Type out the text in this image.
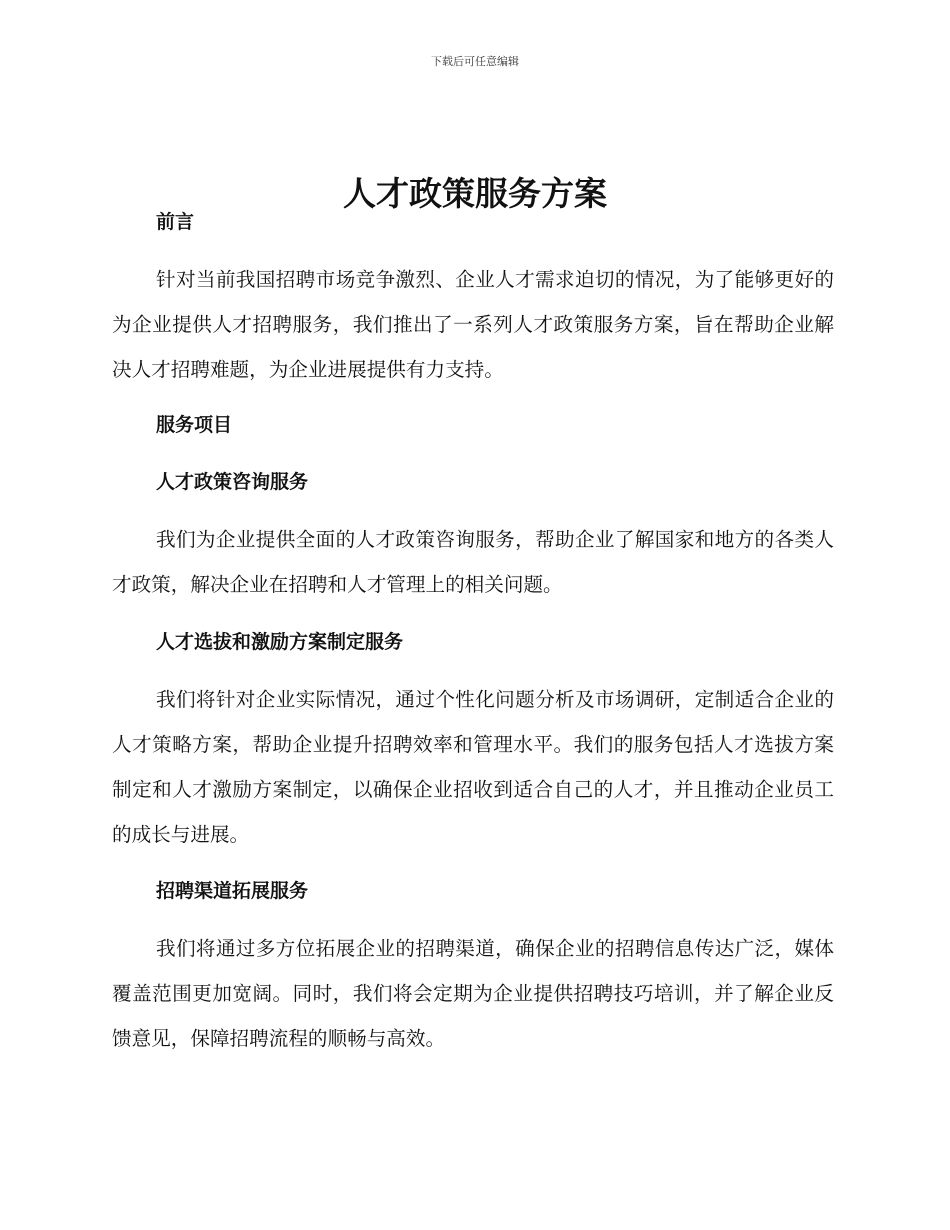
下载后可任意编辑
人才政策服务方案

前言

针对当前我国招聘市场竞争激烈、企业人才需求迫切的情况，为了能够更好的为企业提供人才招聘服务，我们推出了一系列人才政策服务方案，旨在帮助企业解决人才招聘难题，为企业进展提供有力支持。

服务项目

人才政策咨询服务

我们为企业提供全面的人才政策咨询服务，帮助企业了解国家和地方的各类人才政策，解决企业在招聘和人才管理上的相关问题。

人才选拔和激励方案制定服务

我们将针对企业实际情况，通过个性化问题分析及市场调研，定制适合企业的人才策略方案，帮助企业提升招聘效率和管理水平。我们的服务包括人才选拔方案制定和人才激励方案制定，以确保企业招收到适合自己的人才，并且推动企业员工的成长与进展。

招聘渠道拓展服务

我们将通过多方位拓展企业的招聘渠道，确保企业的招聘信息传达广泛，媒体覆盖范围更加宽阔。同时，我们将会定期为企业提供招聘技巧培训，并了解企业反馈意见，保障招聘流程的顺畅与高效。
